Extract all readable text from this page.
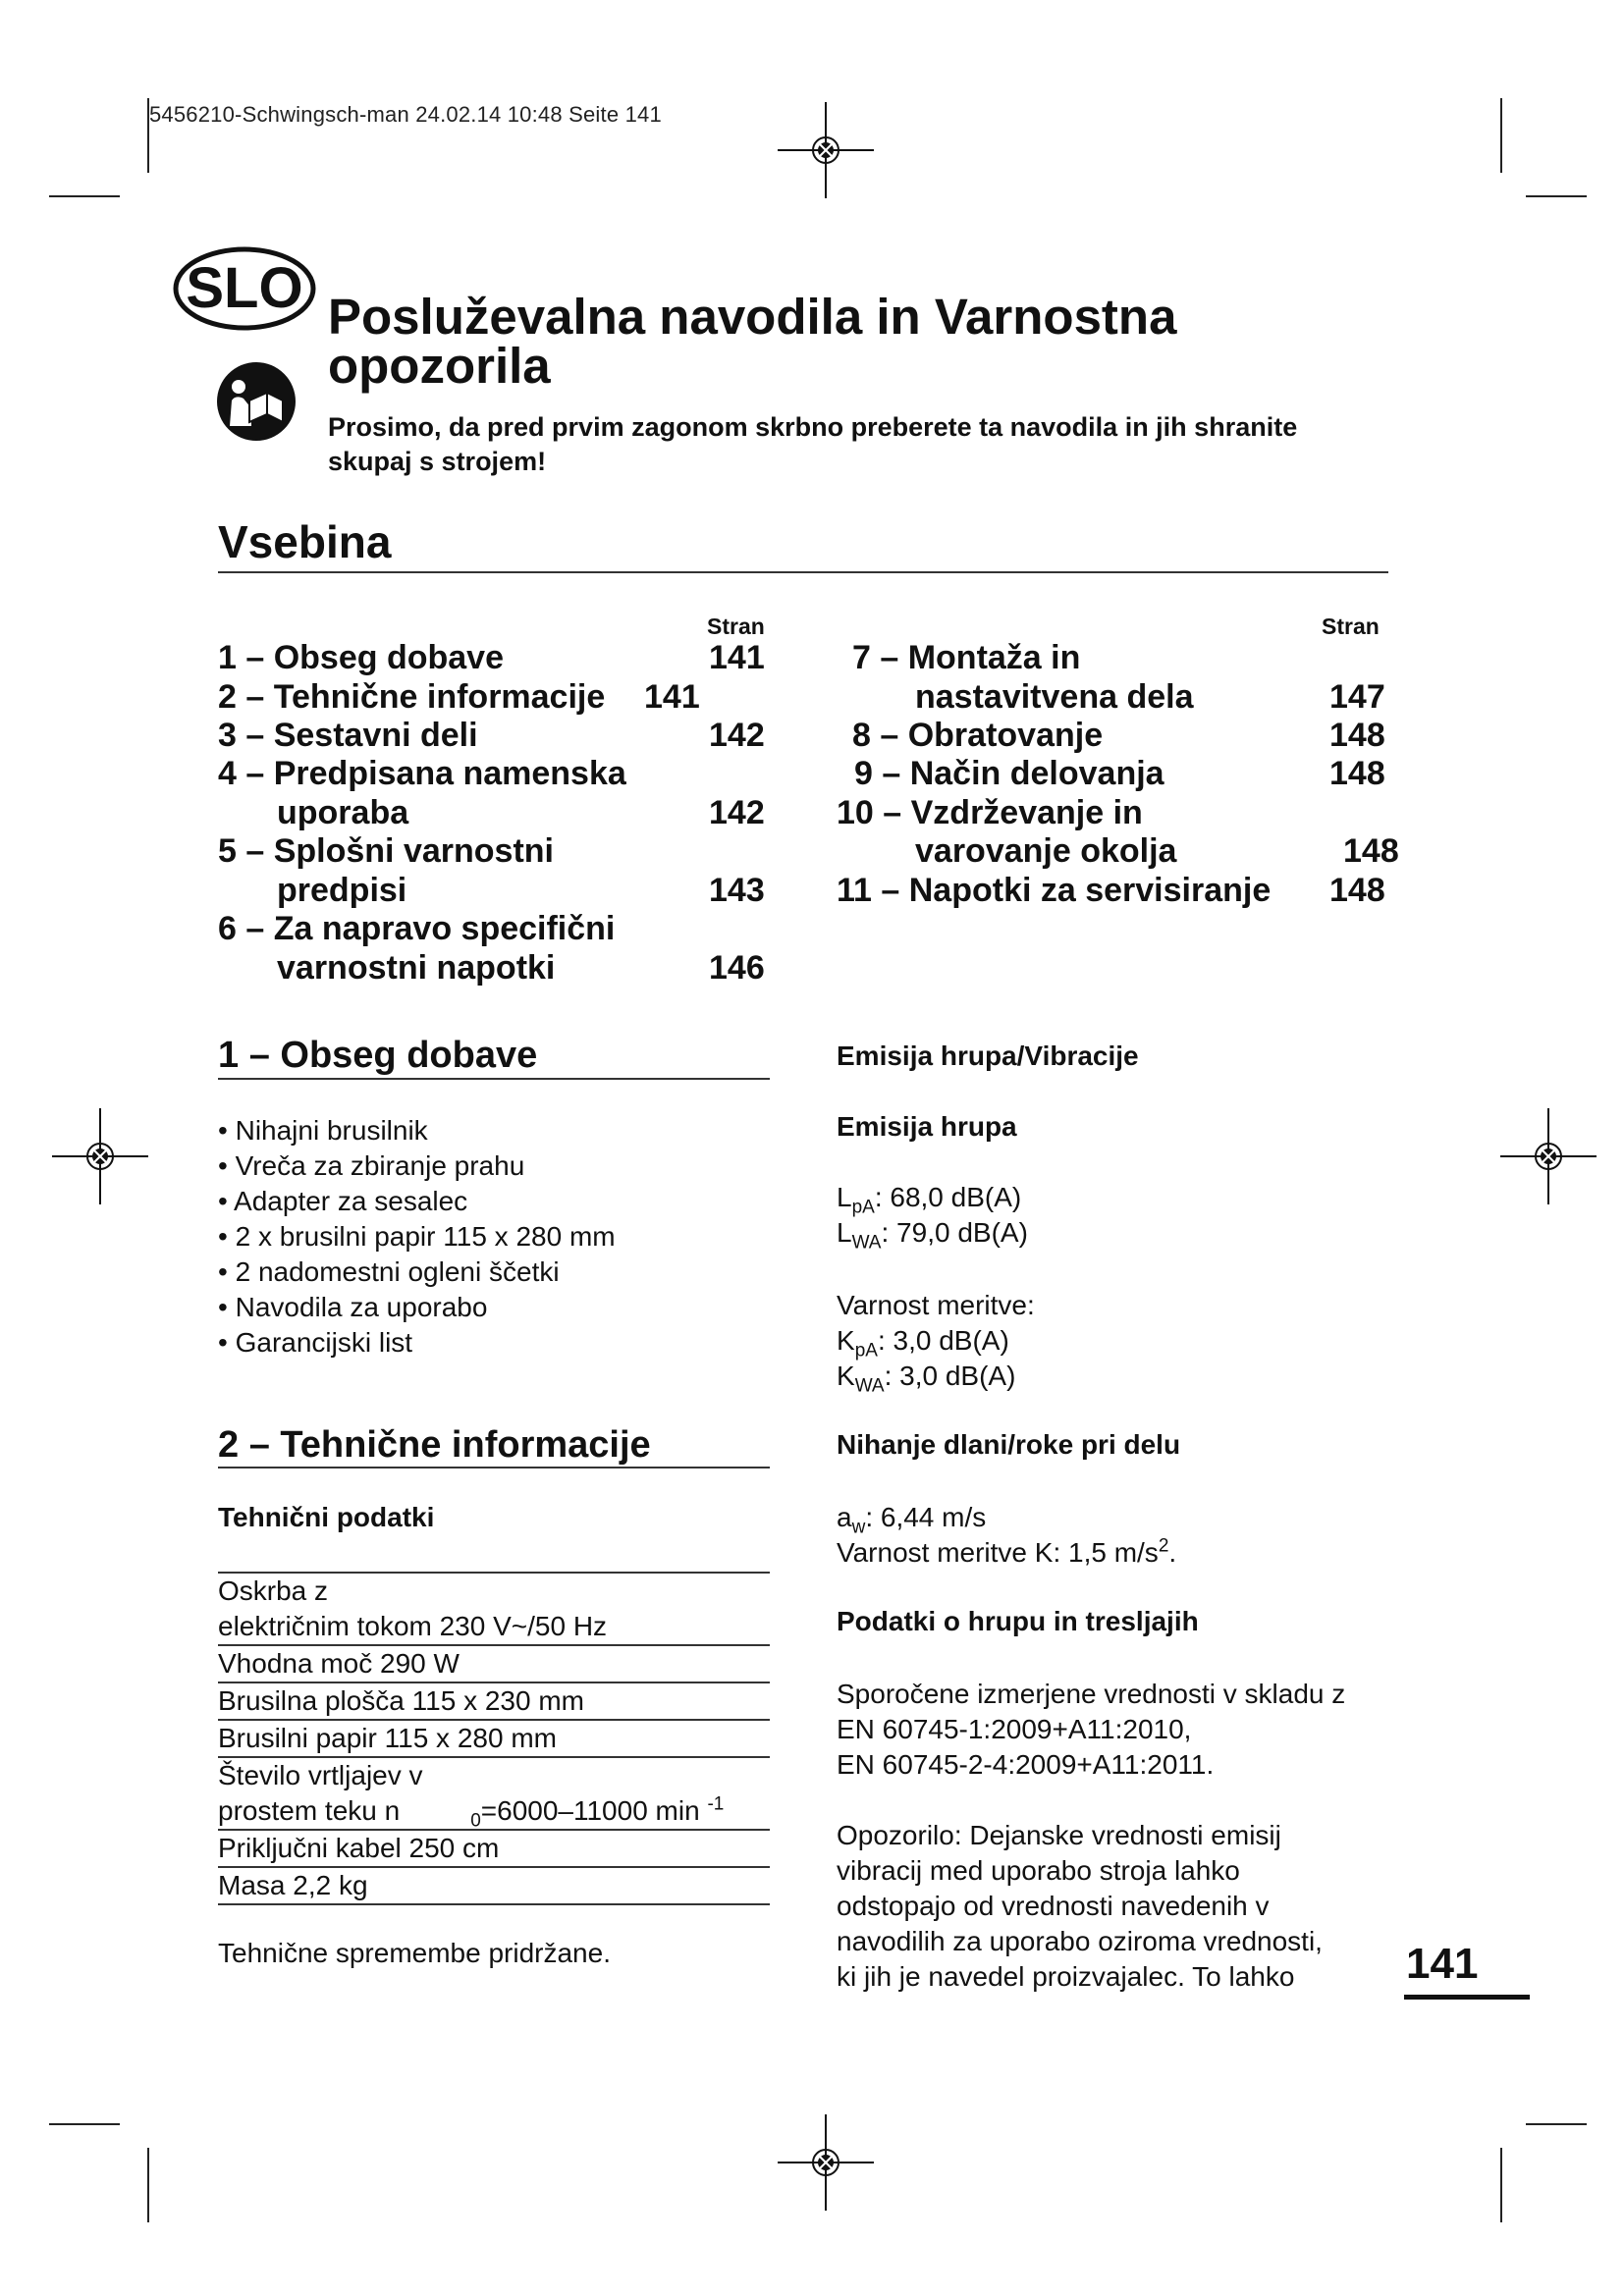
5456210-Schwingsch-man 24.02.14 10:48 Seite 141
SLO Posluževalna navodila in Varnostna opozorila

Prosimo, da pred prvim zagonom skrbno preberete ta navodila in jih shranite skupaj s strojem!

Vsebina
Stran	Stran
1 – Obseg dobave	141
2 – Tehnične informacije 141
3 – Sestavni deli	142
4 – Predpisana namenska
uporaba	142
5 – Splošni varnostni
predpisi	143
6 – Za napravo specifični
varnostni napotki	146
7 – Montaža in
nastavitvena dela	147
8 – Obratovanje	148
9 – Način delovanja	148
10 – Vzdrževanje in
varovanje okolja	148
11 – Napotki za servisiranje 148
1 – Obseg dobave
• Nihajni brusilnik
• Vreča za zbiranje prahu
• Adapter za sesalec
• 2 x brusilni papir 115 x 280 mm
• 2 nadomestni ogleni ščetki
• Navodila za uporabo
• Garancijski list
2 – Tehnične informacije
Tehnični podatki
Oskrba z
električnim tokom 230 V~/50 Hz

Vhodna moč 290 W
Brusilna plošča 115 x 230 mm
Brusilni papir 115 x 280 mm

Število vrtljajev v
prostem teku n	$_0$=6000–11000 min $^{-1}$

Priključni kabel 250 cm
Masa 2,2 kg
Tehnične spremembe pridržane.
Emisija hrupa/Vibracije
Emisija hrupa
$L_{pA}$: 68,0 dB(A)
$L_{WA}$: 79,0 dB(A)
Varnost meritve:
$K_{pA}$: 3,0 dB(A)
$K_{WA}$: 3,0 dB(A)
Nihanje dlani/roke pri delu
$a_w$: 6,44 m/s
Varnost meritve K: 1,5 $m/s^2$.
Podatki o hrupu in tresljajih
Sporočene izmerjene vrednosti v skladu z
EN 60745-1:2009+A11:2010,
EN 60745-2-4:2009+A11:2011.
Opozorilo: Dejanske vrednosti emisij
vibracij med uporabo stroja lahko
odstopajo od vrednosti navedenih v
navodilih za uporabo oziroma vrednosti,
ki jih je navedel proizvajalec. To lahko	141
